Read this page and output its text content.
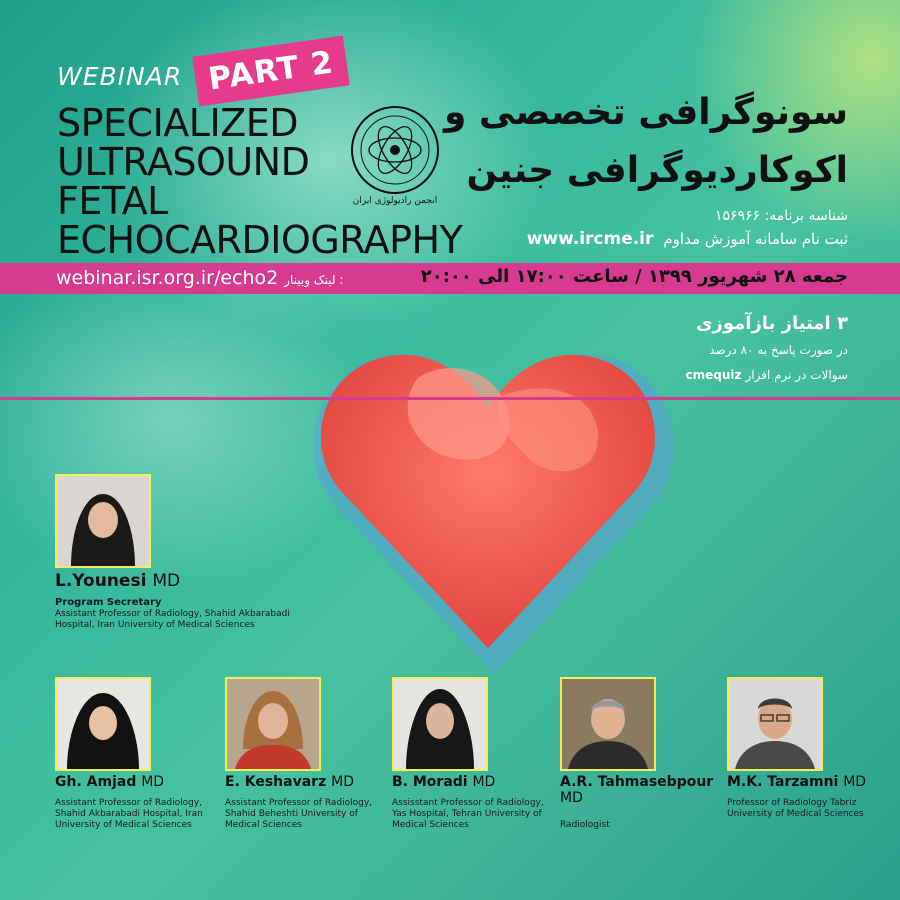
WEBINAR PART 2
SPECIALIZED
ULTRASOUND
FETAL
ECHOCARDIOGRAPHY
انجمن رادیولوژی ایران
سونوگرافی تخصصی و
اکوکاردیوگرافی جنین
شناسه برنامه: ۱۵۶۹۶۶
www.ircme.ir ثبت نام سامانه آموزش مداوم
webinar.isr.org.ir/echo2 : لینک وبینار	جمعه ۲۸ شهریور ۱۳۹۹ / ساعت ۱۷:۰۰ الی ۲۰:۰۰
۳ امتیاز بازآموزی
در صورت پاسخ به ۸۰ درصد
cmequiz سوالات در نرم افزار
L.Younesi MD
Program Secretary
Assistant Professor of Radiology, Shahid Akbarabadi Hospital, Iran University of Medical Sciences
Gh. Amjad MD
Assistant Professor of Radiology, Shahid Akbarabadi Hospital, Iran University of Medical Sciences
E. Keshavarz MD
Assistant Professor of Radiology, Shahid Beheshti University of Medical Sciences
B. Moradi MD
Assisstant Professor of Radiology, Yas Hospital, Tehran University of Medical Sciences
A.R. Tahmasebpour
MD
Radiologist
M.K. Tarzamni MD
Professor of Radiology Tabriz University of Medical Sciences
